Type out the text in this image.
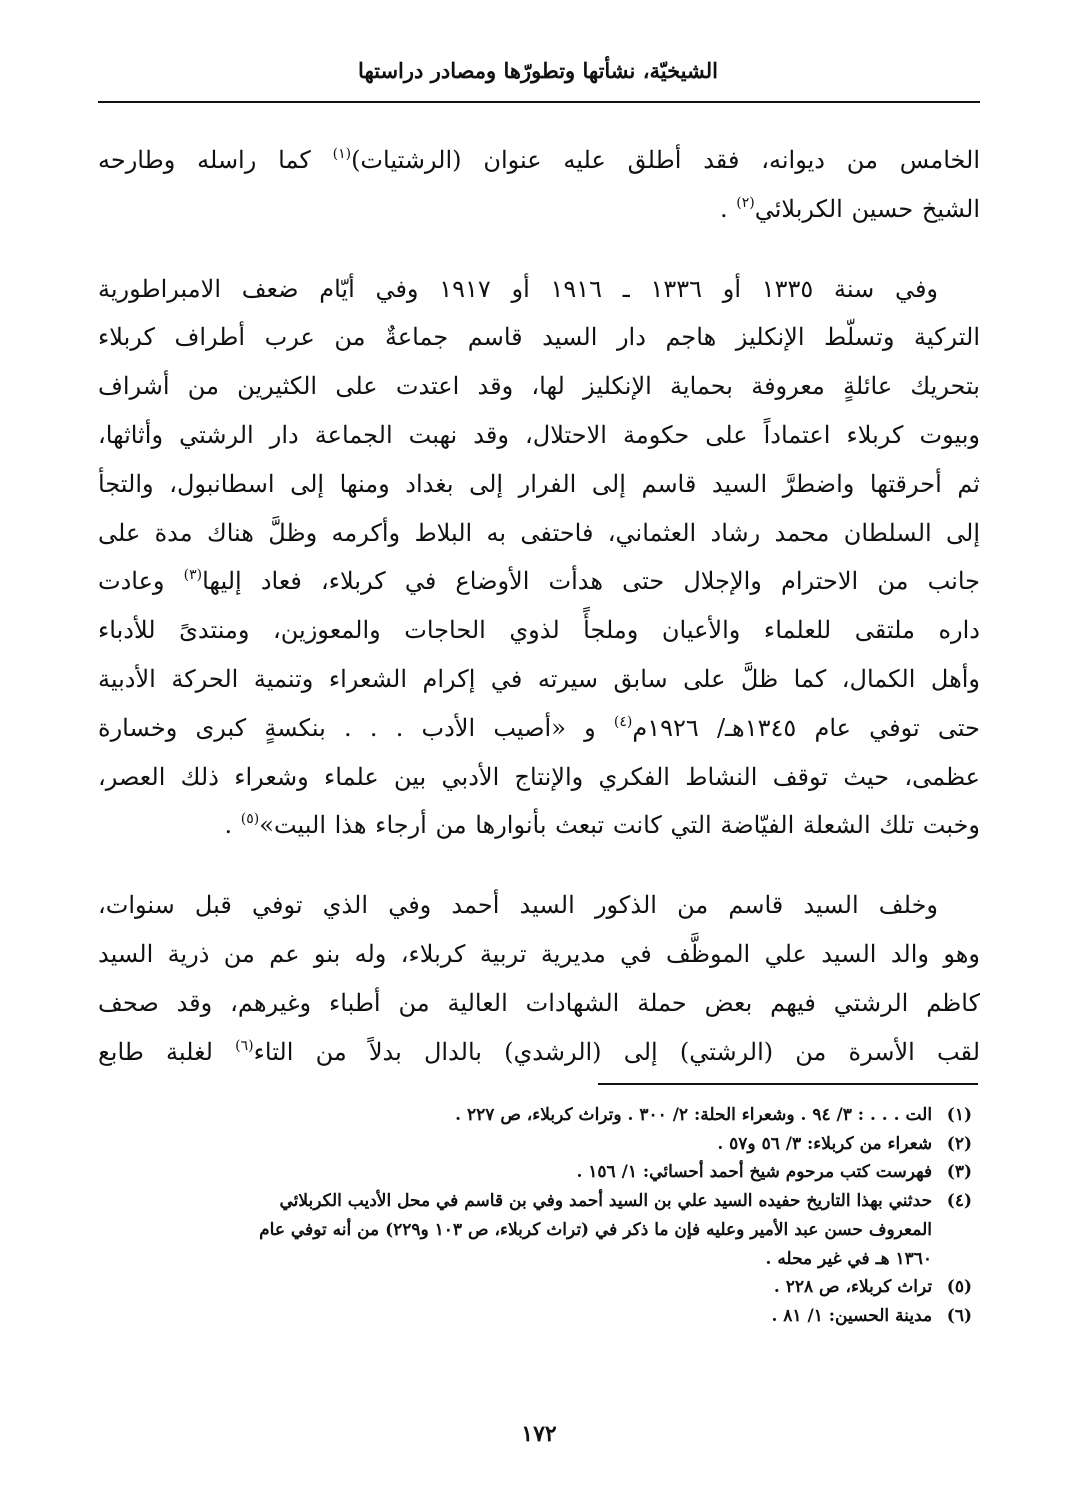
الشيخيّة، نشأتها وتطورّها ومصادر دراستها
الخامس من ديوانه، فقد أطلق عليه عنوان (الرشتيات)$^{(١)}$ كما راسله وطارحه
الشيخ حسين الكربلائي$^{(٢)}$ .
وفي سنة ١٣٣٥ أو ١٣٣٦ ـ ١٩١٦ أو ١٩١٧ وفي أيّام ضعف الامبراطورية
التركية وتسلّط الإنكليز هاجم دار السيد قاسم جماعةٌ من عرب أطراف كربلاء
بتحريك عائلةٍ معروفة بحماية الإنكليز لها، وقد اعتدت على الكثيرين من أشراف
وبيوت كربلاء اعتماداً على حكومة الاحتلال، وقد نهبت الجماعة دار الرشتي وأثاثها،
ثم أحرقتها واضطرَّ السيد قاسم إلى الفرار إلى بغداد ومنها إلى اسطانبول، والتجأ
إلى السلطان محمد رشاد العثماني، فاحتفى به البلاط وأكرمه وظلَّ هناك مدة على
جانب من الاحترام والإجلال حتى هدأت الأوضاع في كربلاء، فعاد إليها$^{(٣)}$ وعادت
داره ملتقى للعلماء والأعيان وملجأً لذوي الحاجات والمعوزين، ومنتدىً للأدباء
وأهل الكمال، كما ظلَّ على سابق سيرته في إكرام الشعراء وتنمية الحركة الأدبية
حتى توفي عام ١٣٤٥هـ/ ١٩٢٦م$^{(٤)}$ و «أصيب الأدب . . . بنكسةٍ كبرى وخسارة
عظمى، حيث توقف النشاط الفكري والإنتاج الأدبي بين علماء وشعراء ذلك العصر،
وخبت تلك الشعلة الفيّاضة التي كانت تبعث بأنوارها من أرجاء هذا البيت»$^{(٥)}$ .
وخلف السيد قاسم من الذكور السيد أحمد وفي الذي توفي قبل سنوات،
وهو والد السيد علي الموظَّف في مديرية تربية كربلاء، وله بنو عم من ذرية السيد
كاظم الرشتي فيهم بعض حملة الشهادات العالية من أطباء وغيرهم، وقد صحف
لقب الأسرة من (الرشتي) إلى (الرشدي) بالدال بدلاً من التاء$^{(٦)}$ لغلبة طابع
(١) الت . . . : ٣/ ٩٤ . وشعراء الحلة: ٢/ ٣٠٠ . وتراث كربلاء، ص ٢٢٧ .
(٢) شعراء من كربلاء: ٣/ ٥٦ و٥٧ .
(٣) فهرست كتب مرحوم شيخ أحمد أحسائي: ١/ ١٥٦ .
(٤) حدثني بهذا التاريخ حفيده السيد علي بن السيد أحمد وفي بن قاسم في محل الأديب الكربلائي
المعروف حسن عبد الأمير وعليه فإن ما ذكر في (تراث كربلاء، ص ١٠٣ و٢٢٩) من أنه توفي عام
١٣٦٠ هـ في غير محله .
(٥) تراث كربلاء، ص ٢٢٨ .
(٦) مدينة الحسين: ١/ ٨١ .
١٧٢
